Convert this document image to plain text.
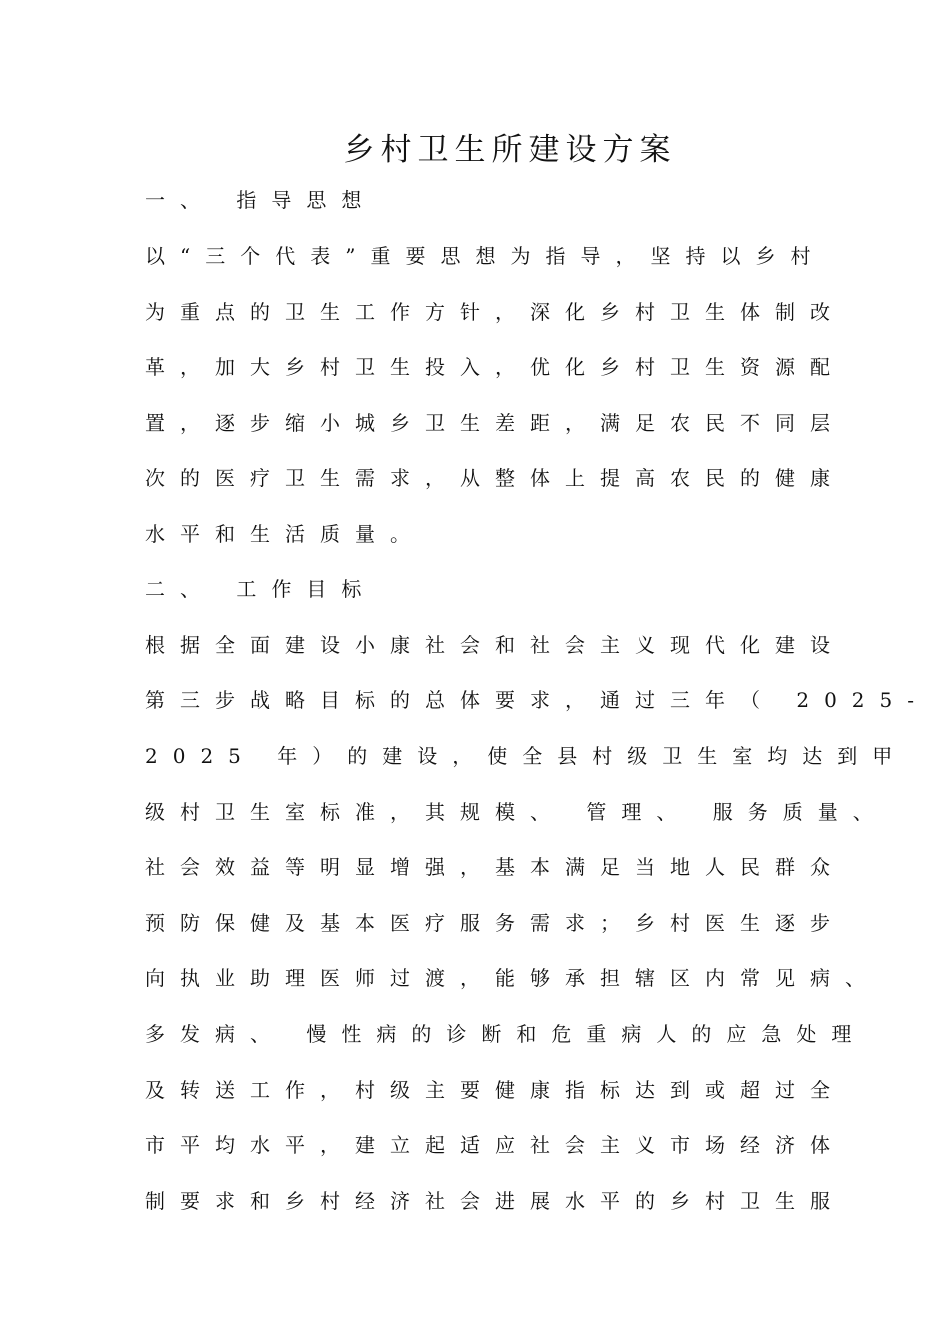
乡村卫生所建设方案
一、 指导思想
以“三个代表”重要思想为指导，坚持以乡村
为重点的卫生工作方针，深化乡村卫生体制改
革，加大乡村卫生投入，优化乡村卫生资源配
置，逐步缩小城乡卫生差距，满足农民不同层
次的医疗卫生需求，从整体上提高农民的健康
水平和生活质量。
二、 工作目标
根据全面建设小康社会和社会主义现代化建设
第三步战略目标的总体要求，通过三年（ 2025-
2025 年）的建设，使全县村级卫生室均达到甲
级村卫生室标准，其规模、 管理、 服务质量、
社会效益等明显增强，基本满足当地人民群众
预防保健及基本医疗服务需求；乡村医生逐步
向执业助理医师过渡，能够承担辖区内常见病、
多发病、 慢性病的诊断和危重病人的应急处理
及转送工作，村级主要健康指标达到或超过全
市平均水平，建立起适应社会主义市场经济体
制要求和乡村经济社会进展水平的乡村卫生服
